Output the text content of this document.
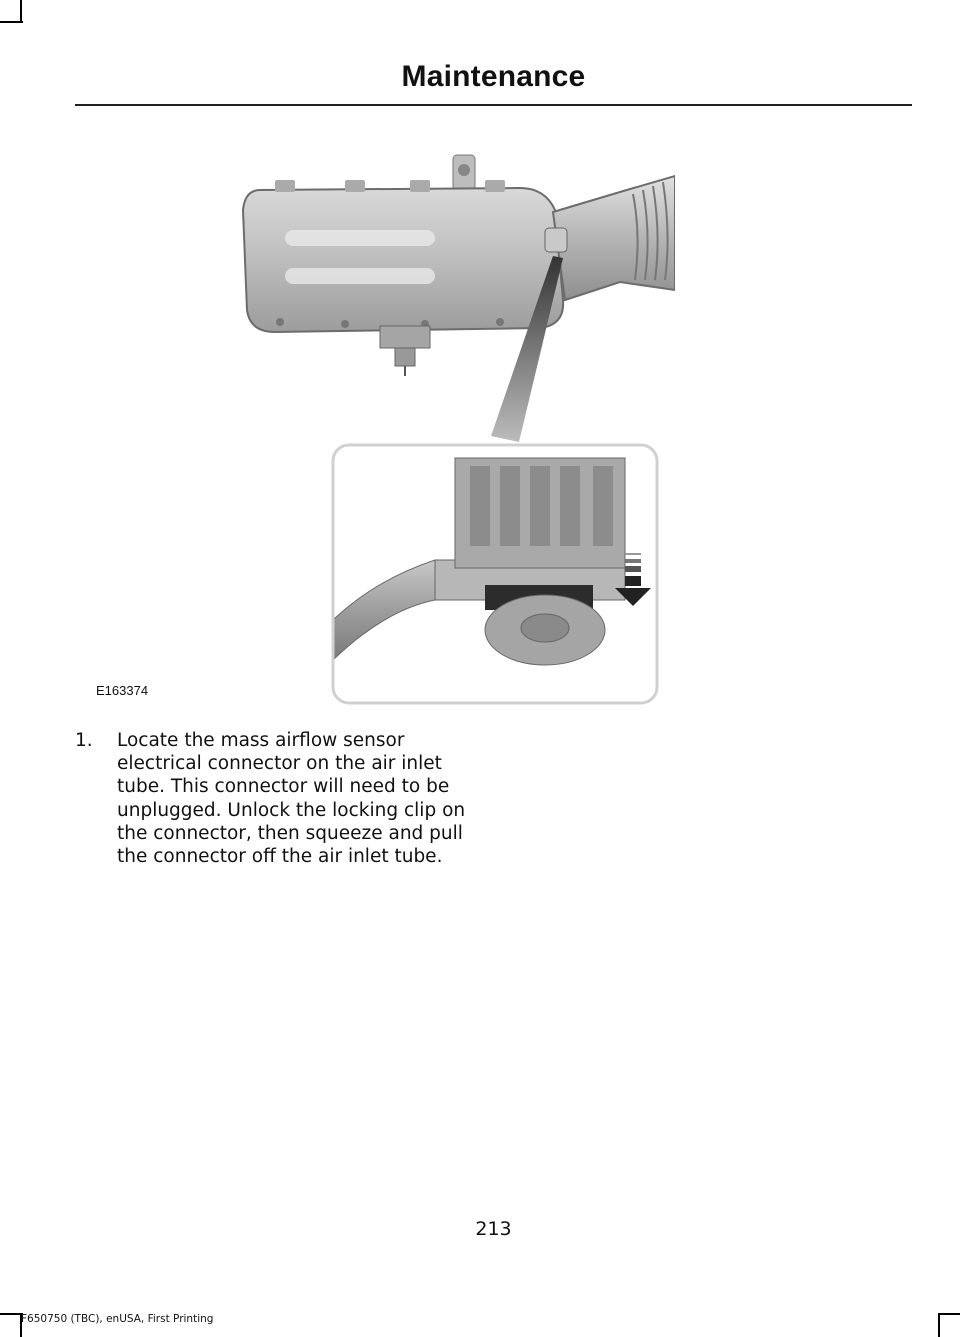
Maintenance
E163374
1. Locate the mass airflow sensor electrical connector on the air inlet tube. This connector will need to be unplugged. Unlock the locking clip on the connector, then squeeze and pull the connector off the air inlet tube.
213
F650750 (TBC), enUSA, First Printing
